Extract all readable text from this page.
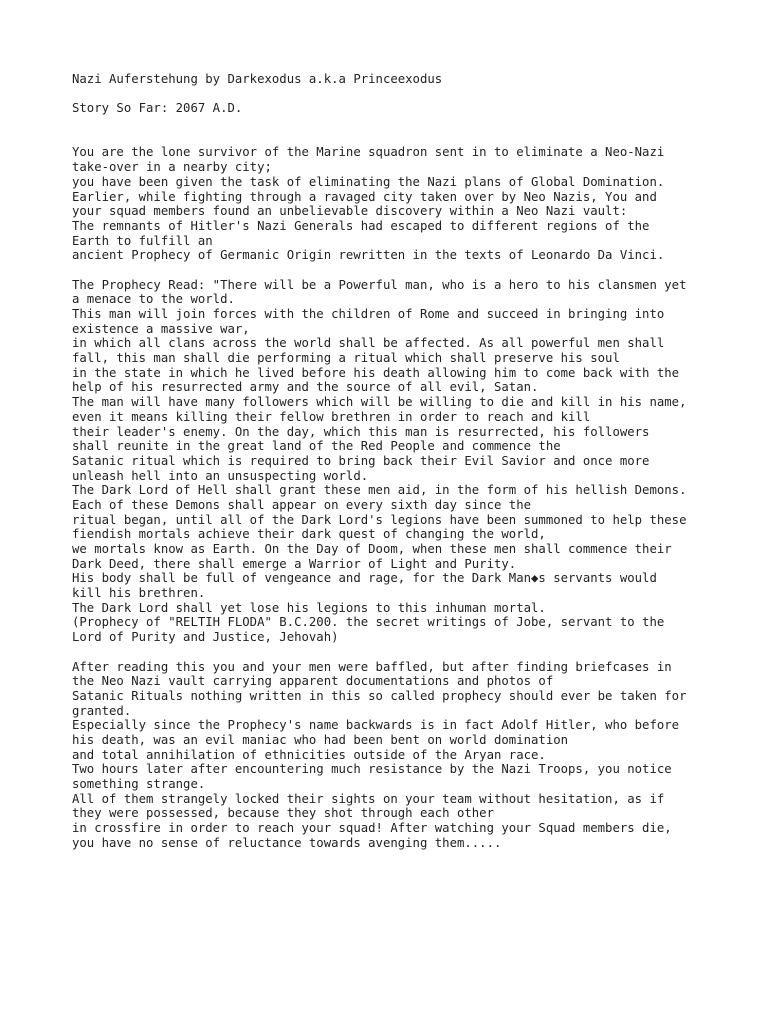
Nazi Auferstehung by Darkexodus a.k.a Princeexodus
Story So Far: 2067 A.D.
You are the lone survivor of the Marine squadron sent in to eliminate a Neo-Nazi
take-over in a nearby city;
you have been given the task of eliminating the Nazi plans of Global Domination.
Earlier, while fighting through a ravaged city taken over by Neo Nazis, You and
your squad members found an unbelievable discovery within a Neo Nazi vault:
The remnants of Hitler's Nazi Generals had escaped to different regions of the
Earth to fulfill an
ancient Prophecy of Germanic Origin rewritten in the texts of Leonardo Da Vinci.
The Prophecy Read: "There will be a Powerful man, who is a hero to his clansmen yet
a menace to the world.
This man will join forces with the children of Rome and succeed in bringing into
existence a massive war,
in which all clans across the world shall be affected. As all powerful men shall
fall, this man shall die performing a ritual which shall preserve his soul
in the state in which he lived before his death allowing him to come back with the
help of his resurrected army and the source of all evil, Satan.
The man will have many followers which will be willing to die and kill in his name,
even it means killing their fellow brethren in order to reach and kill
their leader's enemy. On the day, which this man is resurrected, his followers
shall reunite in the great land of the Red People and commence the
Satanic ritual which is required to bring back their Evil Savior and once more
unleash hell into an unsuspecting world.
The Dark Lord of Hell shall grant these men aid, in the form of his hellish Demons.
Each of these Demons shall appear on every sixth day since the
ritual began, until all of the Dark Lord's legions have been summoned to help these
fiendish mortals achieve their dark quest of changing the world,
we mortals know as Earth. On the Day of Doom, when these men shall commence their
Dark Deed, there shall emerge a Warrior of Light and Purity.
His body shall be full of vengeance and rage, for the Dark Man◆s servants would
kill his brethren.
The Dark Lord shall yet lose his legions to this inhuman mortal.
(Prophecy of "RELTIH FLODA" B.C.200. the secret writings of Jobe, servant to the
Lord of Purity and Justice, Jehovah)
After reading this you and your men were baffled, but after finding briefcases in
the Neo Nazi vault carrying apparent documentations and photos of
Satanic Rituals nothing written in this so called prophecy should ever be taken for
granted.
Especially since the Prophecy's name backwards is in fact Adolf Hitler, who before
his death, was an evil maniac who had been bent on world domination
and total annihilation of ethnicities outside of the Aryan race.
Two hours later after encountering much resistance by the Nazi Troops, you notice
something strange.
All of them strangely locked their sights on your team without hesitation, as if
they were possessed, because they shot through each other
in crossfire in order to reach your squad! After watching your Squad members die,
you have no sense of reluctance towards avenging them.....
